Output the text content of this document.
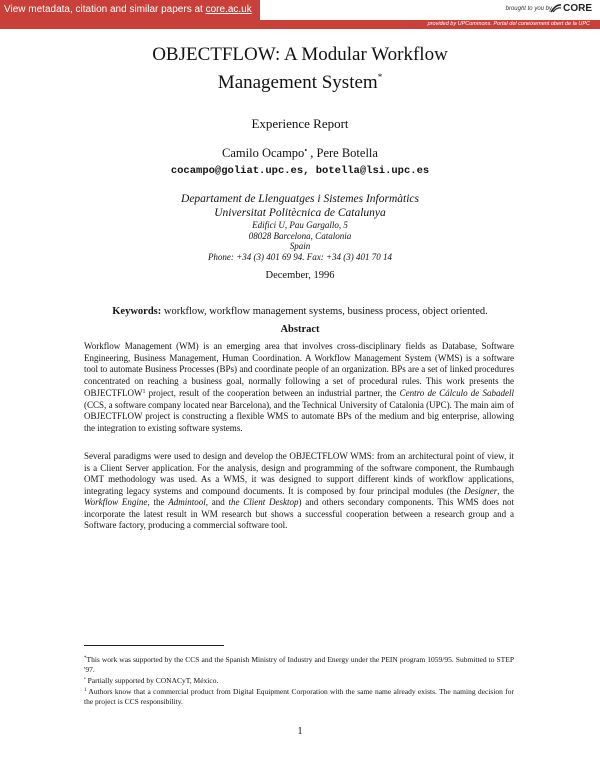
View metadata, citation and similar papers at core.ac.uk	brought to you by	CORE
provided by UPCommons. Portal del coneixement obert de la UPC
OBJECTFLOW: A Modular Workflow
Management System*
Experience Report
Camilo Ocampo• , Pere Botella
cocampo@goliat.upc.es, botella@lsi.upc.es
Departament de Llenguatges i Sistemes Informàtics
Universitat Politècnica de Catalunya
Edifici U, Pau Gargallo, 5
08028 Barcelona, Catalonia
Spain
Phone: +34 (3) 401 69 94. Fax: +34 (3) 401 70 14
December, 1996
Keywords: workflow, workflow management systems, business process, object oriented.
Abstract
Workflow Management (WM) is an emerging area that involves cross-disciplinary fields as Database, Software Engineering, Business Management, Human Coordination. A Workflow Management System (WMS) is a software tool to automate Business Processes (BPs) and coordinate people of an organization. BPs are a set of linked procedures concentrated on reaching a business goal, normally following a set of procedural rules. This work presents the OBJECTFLOW$^1$ project, result of the cooperation between an industrial partner, the Centro de Cálculo de Sabadell (CCS, a software company located near Barcelona), and the Technical University of Catalonia (UPC). The main aim of OBJECTFLOW project is constructing a flexible WMS to automate BPs of the medium and big enterprise, allowing the integration to existing software systems.
Several paradigms were used to design and develop the OBJECTFLOW WMS: from an architectural point of view, it is a Client Server application. For the analysis, design and programming of the software component, the Rumbaugh OMT methodology was used. As a WMS, it was designed to support different kinds of workflow applications, integrating legacy systems and compound documents. It is composed by four principal modules (the Designer, the Workflow Engine, the Admintool, and the Client Desktop) and others secondary components. This WMS does not incorporate the latest result in WM research but shows a successful cooperation between a research group and a Software factory, producing a commercial software tool.
*This work was supported by the CCS and the Spanish Ministry of Industry and Energy under the PEIN program 1059/95. Submitted to STEP '97.
• Partially supported by CONACyT, México.
$^1$ Authors know that a commercial product from Digital Equipment Corporation with the same name already exists. The naming decision for the project is CCS responsibility.
1
